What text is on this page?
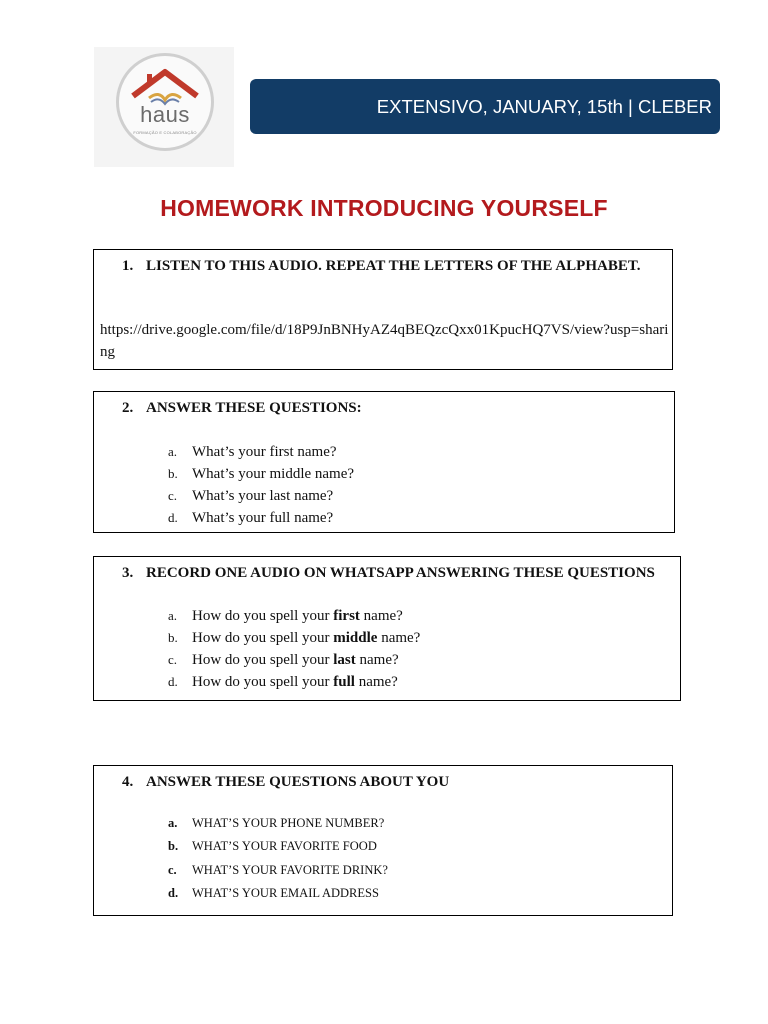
haus
FORMAÇÃO E COLABORAÇÃO
EXTENSIVO, JANUARY, 15th | CLEBER
HOMEWORK INTRODUCING YOURSELF
1. LISTEN TO THIS AUDIO. REPEAT THE LETTERS OF THE ALPHABET.
https://drive.google.com/file/d/18P9JnBNHyAZ4qBEQzcQxx01KpucHQ7VS/view?usp=sharing
2. ANSWER THESE QUESTIONS:
a. What’s your first name?
b. What’s your middle name?
c. What’s your last name?
d. What’s your full name?
3. RECORD ONE AUDIO ON WHATSAPP ANSWERING THESE QUESTIONS
a. How do you spell your first name?
b. How do you spell your middle name?
c. How do you spell your last name?
d. How do you spell your full name?
4. ANSWER THESE QUESTIONS ABOUT YOU
a. WHAT’S YOUR PHONE NUMBER?
b. WHAT’S YOUR FAVORITE FOOD
c. WHAT’S YOUR FAVORITE DRINK?
d. WHAT’S YOUR EMAIL ADDRESS
